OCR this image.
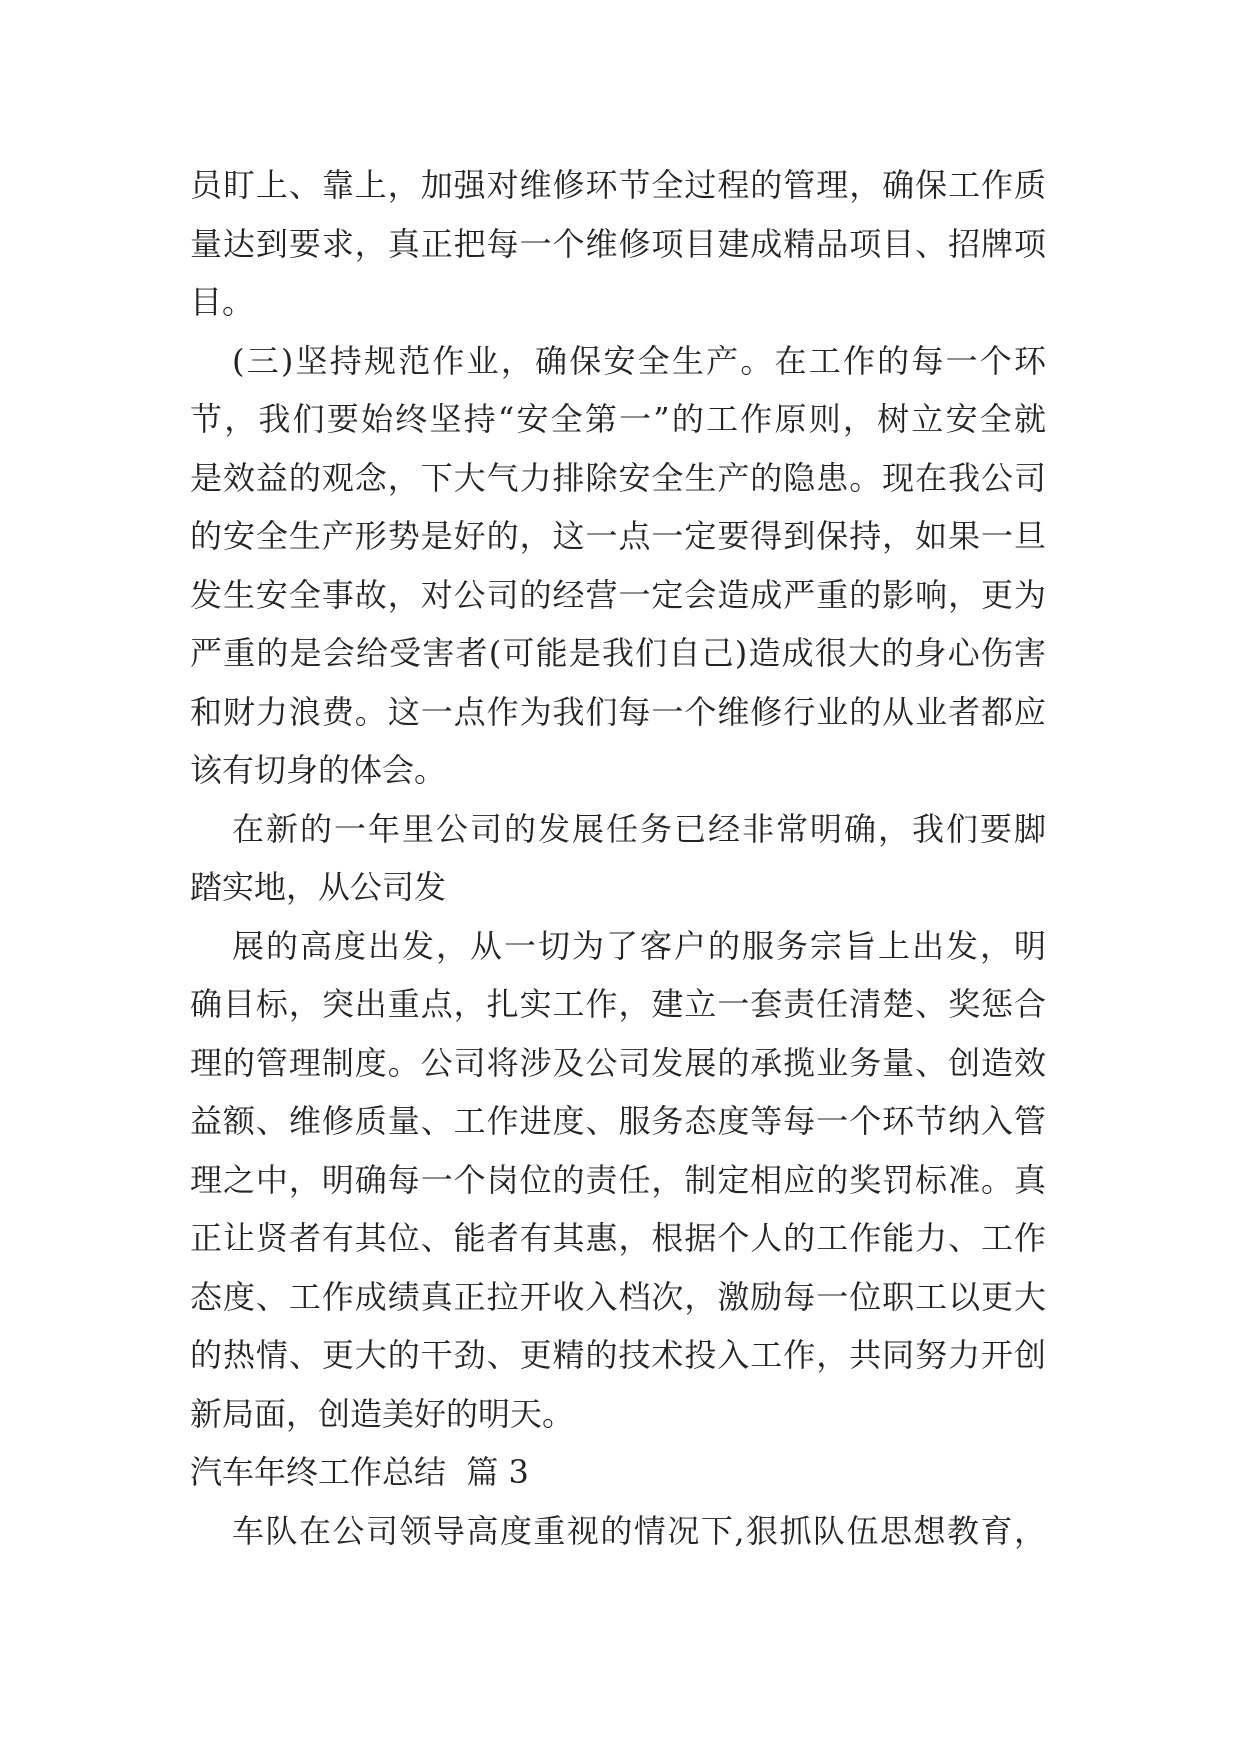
员盯上、靠上，加强对维修环节全过程的管理，确保工作质
量达到要求，真正把每一个维修项目建成精品项目、招牌项
目。
(三)坚持规范作业，确保安全生产。在工作的每一个环
节，我们要始终坚持“安全第一”的工作原则，树立安全就
是效益的观念，下大气力排除安全生产的隐患。现在我公司
的安全生产形势是好的，这一点一定要得到保持，如果一旦
发生安全事故，对公司的经营一定会造成严重的影响，更为
严重的是会给受害者(可能是我们自己)造成很大的身心伤害
和财力浪费。这一点作为我们每一个维修行业的从业者都应
该有切身的体会。
在新的一年里公司的发展任务已经非常明确，我们要脚
踏实地，从公司发
展的高度出发，从一切为了客户的服务宗旨上出发，明
确目标，突出重点，扎实工作，建立一套责任清楚、奖惩合
理的管理制度。公司将涉及公司发展的承揽业务量、创造效
益额、维修质量、工作进度、服务态度等每一个环节纳入管
理之中，明确每一个岗位的责任，制定相应的奖罚标准。真
正让贤者有其位、能者有其惠，根据个人的工作能力、工作
态度、工作成绩真正拉开收入档次，激励每一位职工以更大
的热情、更大的干劲、更精的技术投入工作，共同努力开创
新局面，创造美好的明天。
汽车年终工作总结  篇 3
车队在公司领导高度重视的情况下,狠抓队伍思想教育，
